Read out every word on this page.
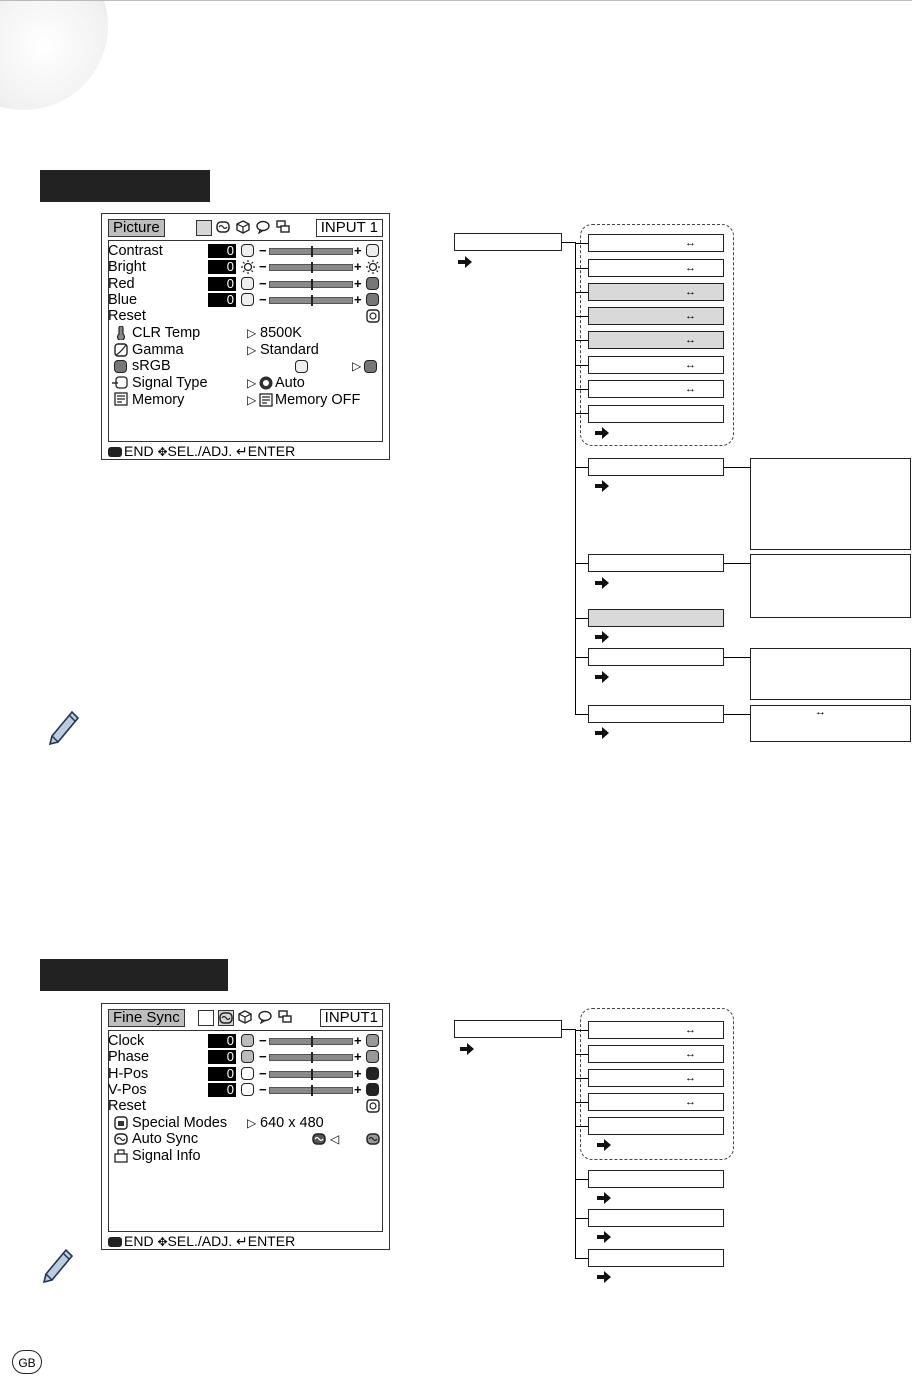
Picture	INPUT 1
Contrast	0 −	+
Bright	0 −	+
Red	0 −	+
Blue	0 −	+
Reset
CLR Temp	▷ 8500K
Gamma	▷ Standard
sRGB	▷
Signal Type	▷ Auto
Memory	▷ Memory OFF
END ✥SEL./ADJ. ↵ENTER
↔
↔
↔
↔
↔
↔
↔
↔
Fine Sync	INPUT1
Clock	0 −	+
Phase	0 −	+
H-Pos	0 −	+
V-Pos	0 −	+
Reset
Special Modes ▷ 640 x 480
Auto Sync	◁
Signal Info
END ✥SEL./ADJ. ↵ENTER
↔
↔
↔
↔
GB
